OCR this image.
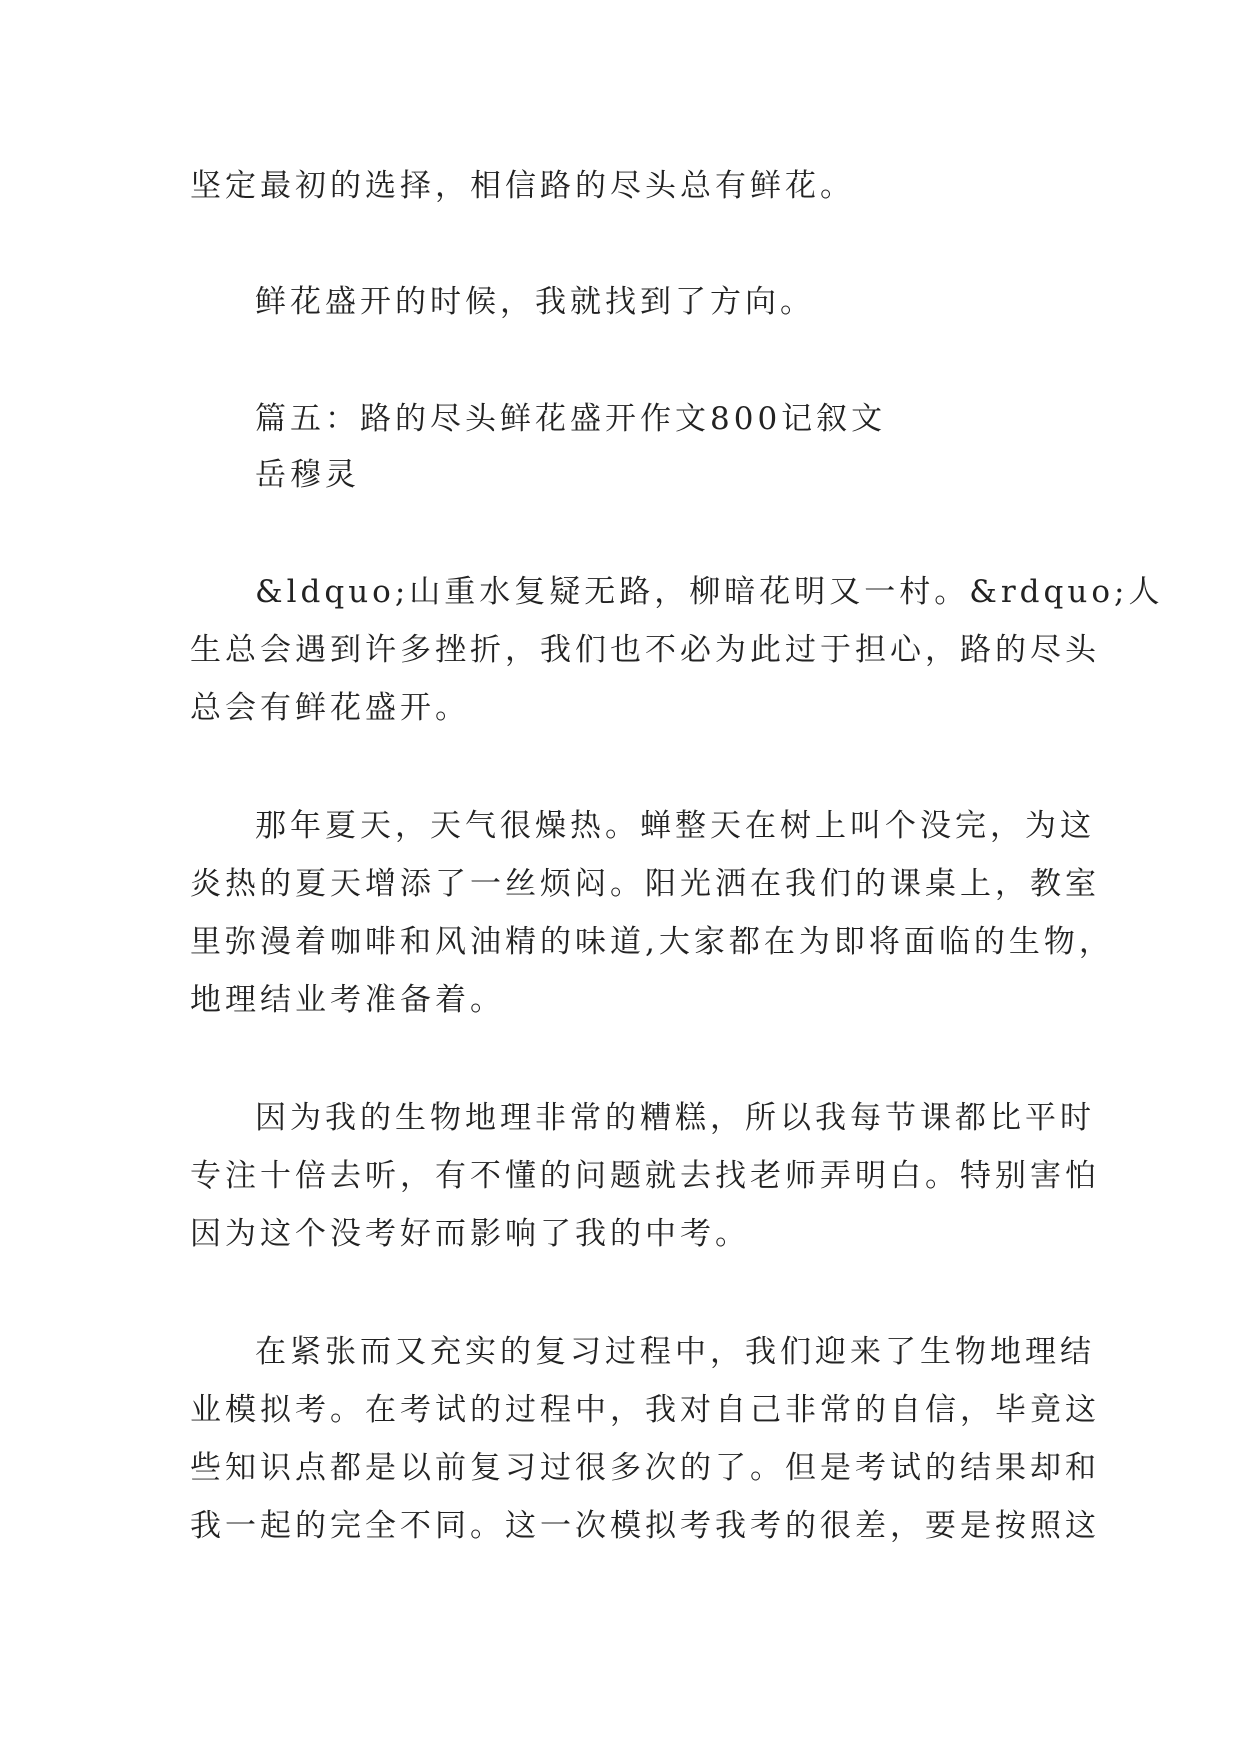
坚定最初的选择，相信路的尽头总有鲜花。
鲜花盛开的时候，我就找到了方向。
篇五：路的尽头鲜花盛开作文800记叙文
岳穆灵
&ldquo;山重水复疑无路，柳暗花明又一村。&rdquo;人
生总会遇到许多挫折，我们也不必为此过于担心，路的尽头
总会有鲜花盛开。
那年夏天，天气很燥热。蝉整天在树上叫个没完，为这
炎热的夏天增添了一丝烦闷。阳光洒在我们的课桌上，教室
里弥漫着咖啡和风油精的味道,大家都在为即将面临的生物，
地理结业考准备着。
因为我的生物地理非常的糟糕，所以我每节课都比平时
专注十倍去听，有不懂的问题就去找老师弄明白。特别害怕
因为这个没考好而影响了我的中考。
在紧张而又充实的复习过程中，我们迎来了生物地理结
业模拟考。在考试的过程中，我对自己非常的自信，毕竟这
些知识点都是以前复习过很多次的了。但是考试的结果却和
我一起的完全不同。这一次模拟考我考的很差，要是按照这
